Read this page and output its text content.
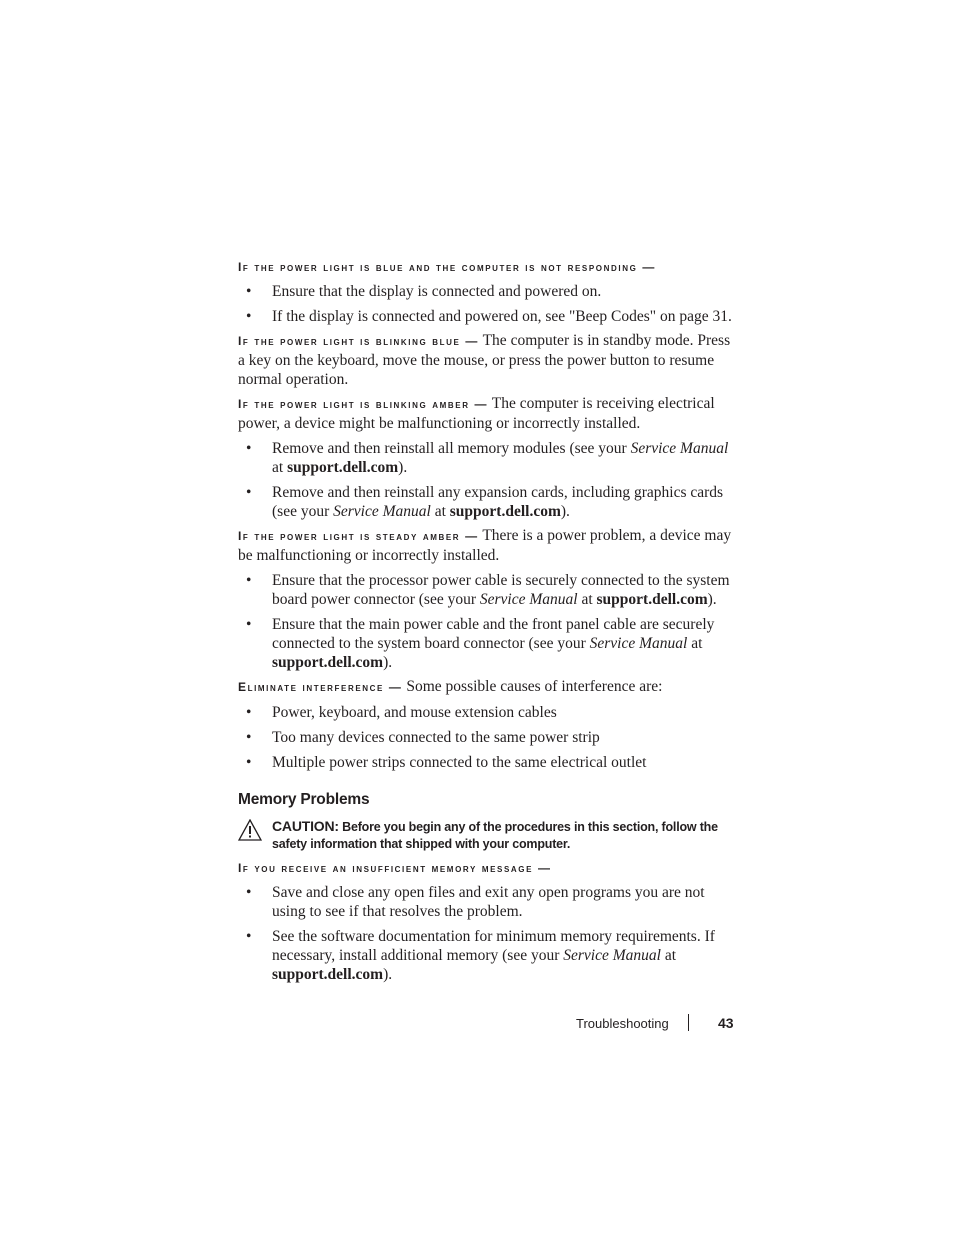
If the power light is blue and the computer is not responding —
• Ensure that the display is connected and powered on.
• If the display is connected and powered on, see "Beep Codes" on page 31.

If the power light is blinking blue — The computer is in standby mode. Press a key on the keyboard, move the mouse, or press the power button to resume normal operation.

If the power light is blinking amber — The computer is receiving electrical power, a device might be malfunctioning or incorrectly installed.

• Remove and then reinstall all memory modules (see your Service Manual at support.dell.com).
• Remove and then reinstall any expansion cards, including graphics cards (see your Service Manual at support.dell.com).

If the power light is steady amber — There is a power problem, a device may be malfunctioning or incorrectly installed.

• Ensure that the processor power cable is securely connected to the system board power connector (see your Service Manual at support.dell.com).
• Ensure that the main power cable and the front panel cable are securely connected to the system board connector (see your Service Manual at support.dell.com).

Eliminate interference — Some possible causes of interference are:

• Power, keyboard, and mouse extension cables
• Too many devices connected to the same power strip
• Multiple power strips connected to the same electrical outlet
Memory Problems
CAUTION: Before you begin any of the procedures in this section, follow the safety information that shipped with your computer.
If you receive an insufficient memory message —
• Save and close any open files and exit any open programs you are not using to see if that resolves the problem.
• See the software documentation for minimum memory requirements. If necessary, install additional memory (see your Service Manual at support.dell.com).
Troubleshooting	43
